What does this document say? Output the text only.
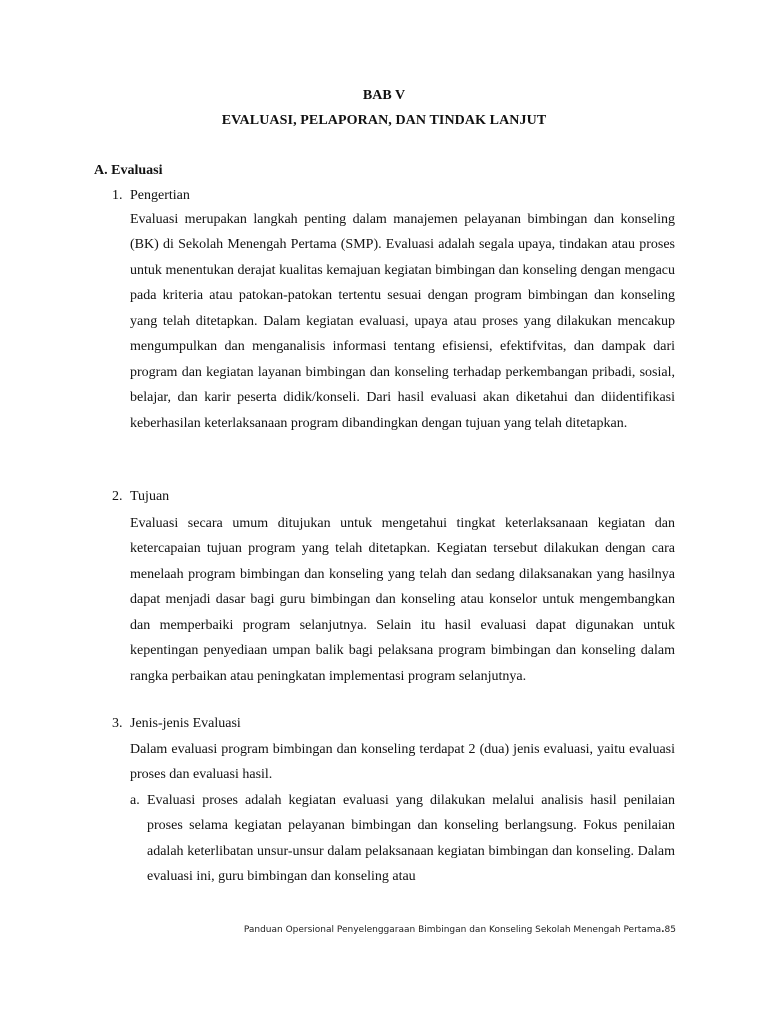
BAB V
EVALUASI, PELAPORAN, DAN TINDAK LANJUT
A. Evaluasi
1. Pengertian
Evaluasi merupakan langkah penting dalam manajemen pelayanan bimbingan dan konseling (BK) di Sekolah Menengah Pertama (SMP). Evaluasi adalah segala upaya, tindakan atau proses untuk menentukan derajat kualitas kemajuan kegiatan bimbingan dan konseling dengan mengacu pada kriteria atau patokan-patokan tertentu sesuai dengan program bimbingan dan konseling yang telah ditetapkan. Dalam kegiatan evaluasi, upaya atau proses yang dilakukan mencakup mengumpulkan dan menganalisis informasi tentang efisiensi, efektifvitas, dan dampak dari program dan kegiatan layanan bimbingan dan konseling terhadap perkembangan pribadi, sosial, belajar, dan karir peserta didik/konseli. Dari hasil evaluasi akan diketahui dan diidentifikasi keberhasilan keterlaksanaan program dibandingkan dengan tujuan yang telah ditetapkan.
2. Tujuan
Evaluasi secara umum ditujukan untuk mengetahui tingkat keterlaksanaan kegiatan dan ketercapaian tujuan program yang telah ditetapkan. Kegiatan tersebut dilakukan dengan cara menelaah program bimbingan dan konseling yang telah dan sedang dilaksanakan yang hasilnya dapat menjadi dasar bagi guru bimbingan dan konseling atau konselor untuk mengembangkan dan memperbaiki program selanjutnya. Selain itu hasil evaluasi dapat digunakan untuk kepentingan penyediaan umpan balik bagi pelaksana program bimbingan dan konseling dalam rangka perbaikan atau peningkatan implementasi program selanjutnya.
3. Jenis-jenis Evaluasi
Dalam evaluasi program bimbingan dan konseling terdapat 2 (dua) jenis evaluasi, yaitu evaluasi proses dan evaluasi hasil.
a. Evaluasi proses adalah kegiatan evaluasi yang dilakukan melalui analisis hasil penilaian proses selama kegiatan pelayanan bimbingan dan konseling berlangsung. Fokus penilaian adalah keterlibatan unsur-unsur dalam pelaksanaan kegiatan bimbingan dan konseling. Dalam evaluasi ini, guru bimbingan dan konseling atau
Panduan Opersional Penyelenggaraan Bimbingan dan Konseling Sekolah Menengah Pertama.85
